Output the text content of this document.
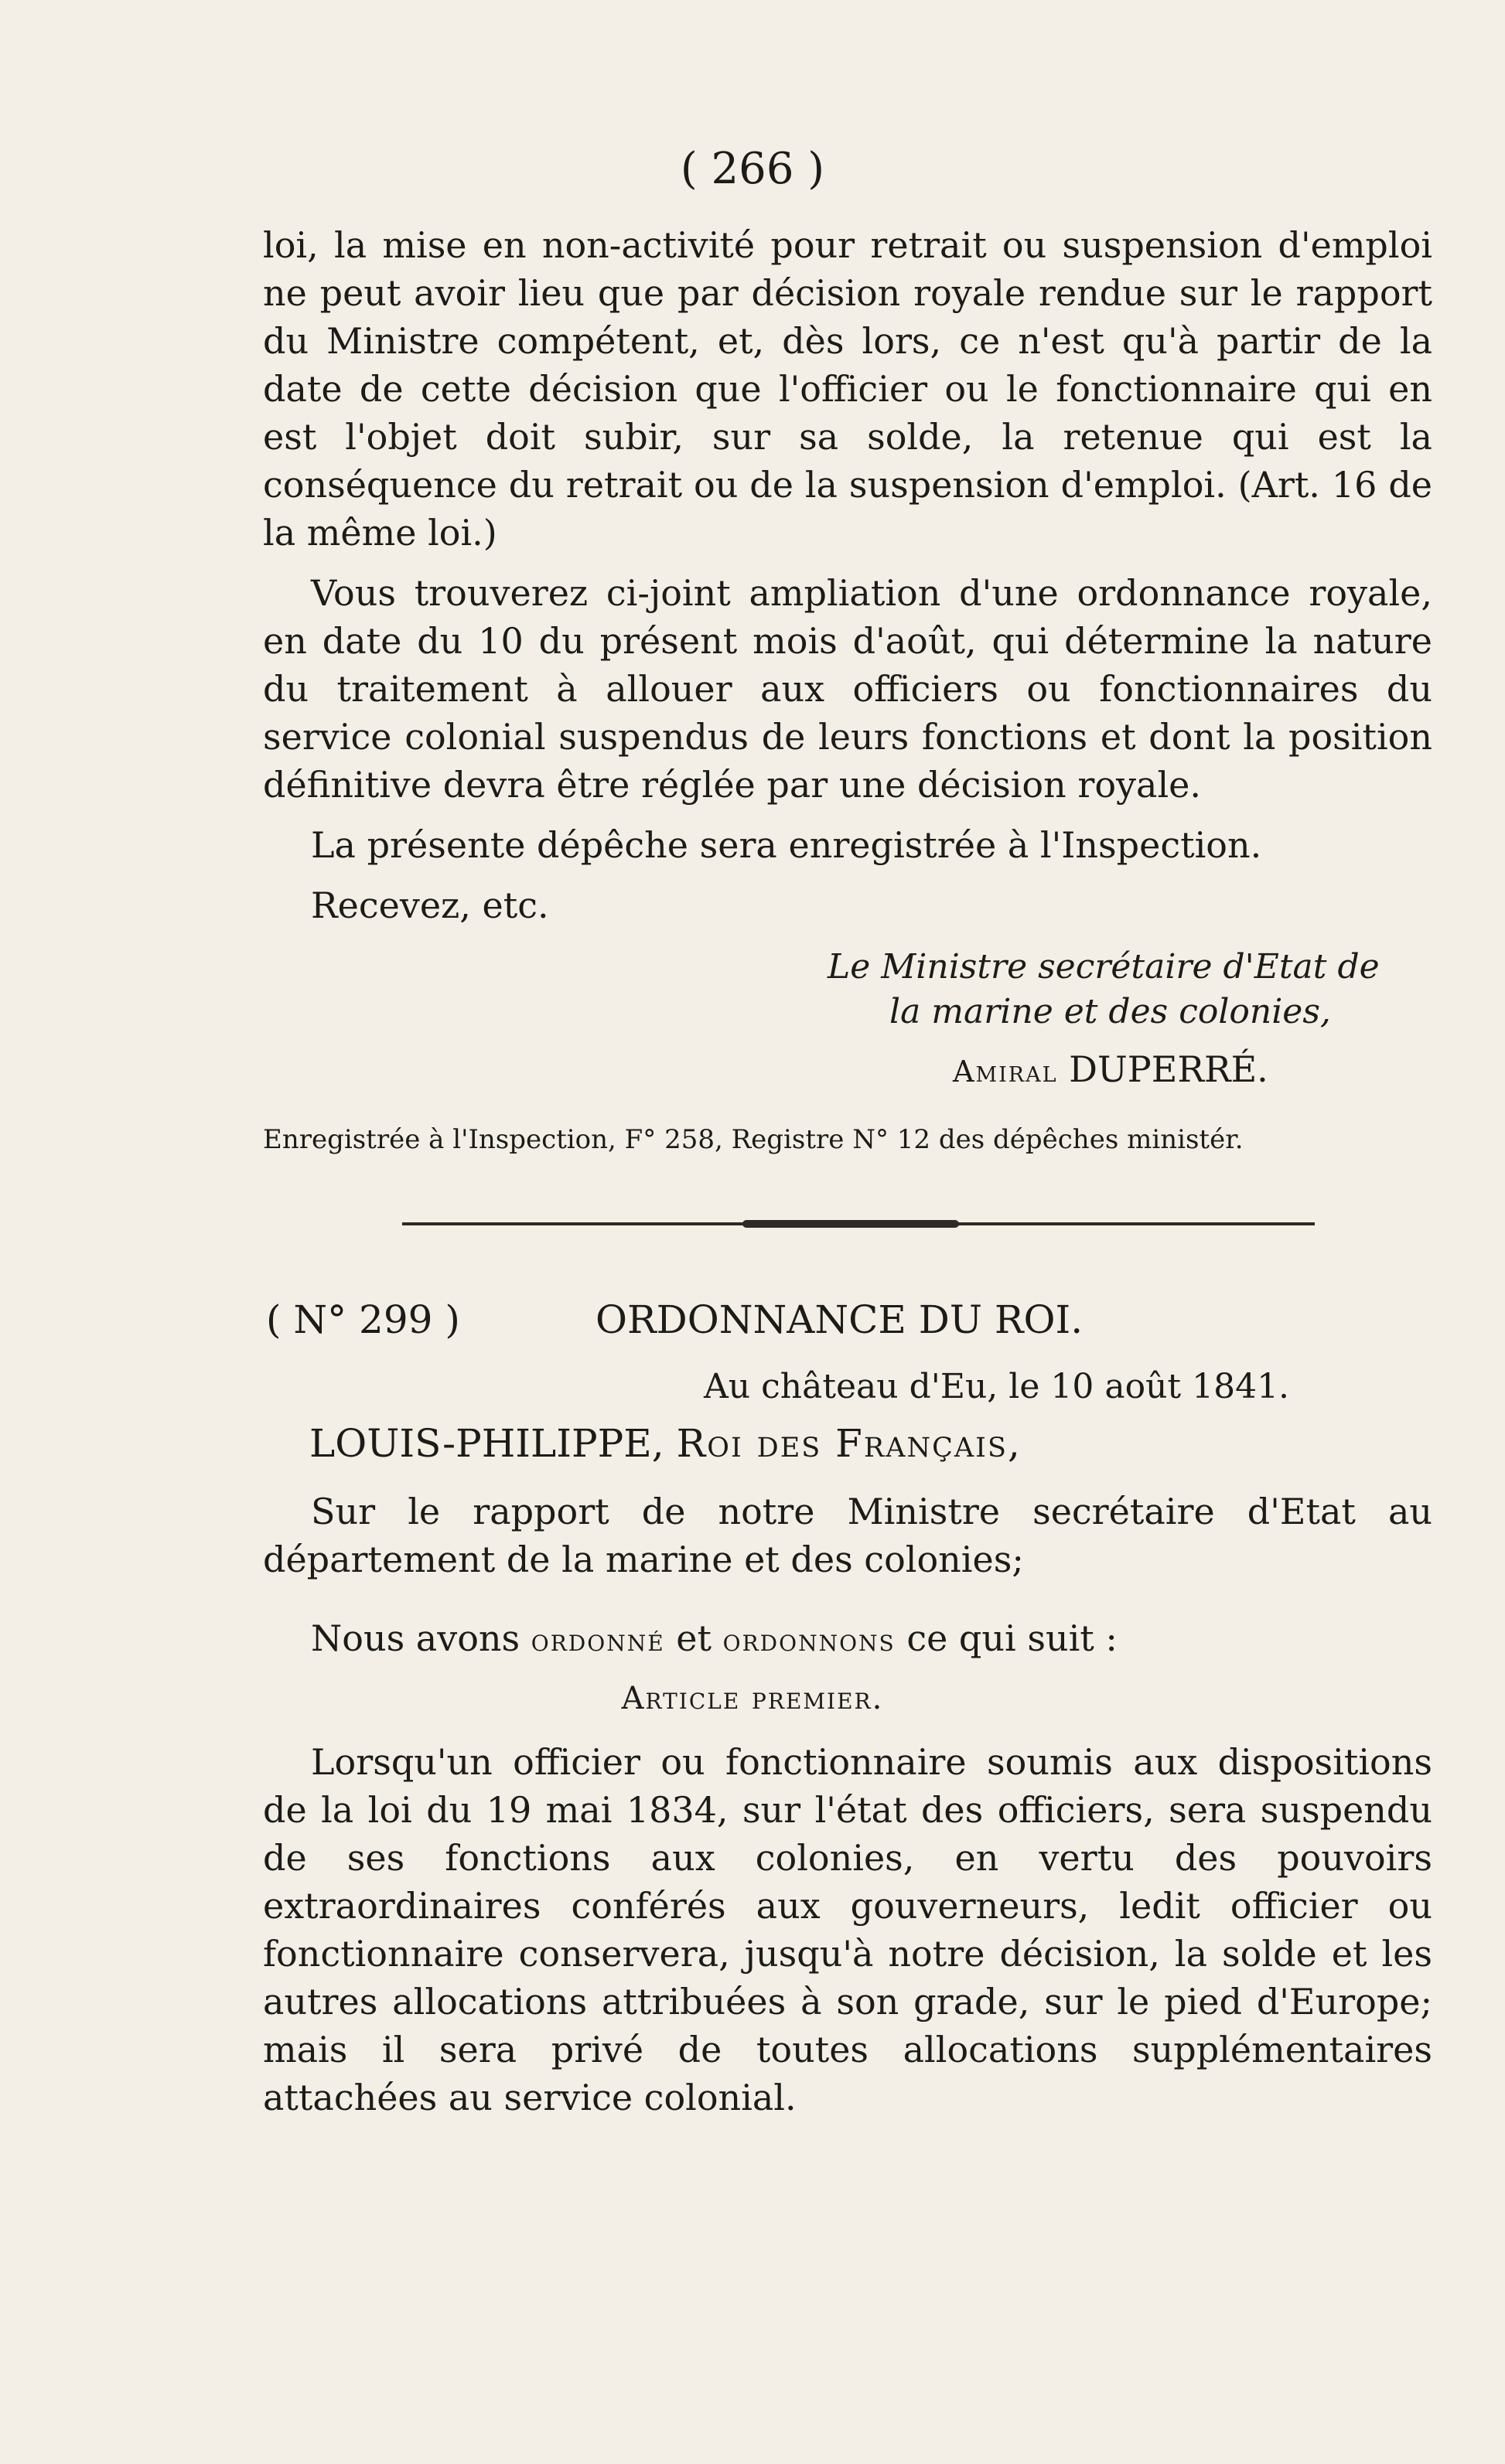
( 266 )

loi, la mise en non-activité pour retrait ou suspension d'emploi ne peut avoir lieu que par décision royale rendue sur le rapport du Ministre compétent, et, dès lors, ce n'est qu'à partir de la date de cette décision que l'officier ou le fonctionnaire qui en est l'objet doit subir, sur sa solde, la retenue qui est la conséquence du retrait ou de la suspension d'emploi. (Art. 16 de la même loi.)

Vous trouverez ci-joint ampliation d'une ordonnance royale, en date du 10 du présent mois d'août, qui détermine la nature du traitement à allouer aux officiers ou fonctionnaires du service colonial suspendus de leurs fonctions et dont la position définitive devra être réglée par une décision royale.

La présente dépêche sera enregistrée à l'Inspection.

Recevez, etc.

Le Ministre secrétaire d'Etat de
la marine et des colonies,
Amiral DUPERRÉ.
Enregistrée à l'Inspection, F° 258, Registre N° 12 des dépêches ministér.
( N° 299 )	ORDONNANCE DU ROI.
Au château d'Eu, le 10 août 1841.
LOUIS-PHILIPPE, Roi des Français,

Sur le rapport de notre Ministre secrétaire d'Etat au département de la marine et des colonies;

Nous avons ordonné et ordonnons ce qui suit :

Article premier.

Lorsqu'un officier ou fonctionnaire soumis aux dispositions de la loi du 19 mai 1834, sur l'état des officiers, sera suspendu de ses fonctions aux colonies, en vertu des pouvoirs extraordinaires conférés aux gouverneurs, ledit officier ou fonctionnaire conservera, jusqu'à notre décision, la solde et les autres allocations attribuées à son grade, sur le pied d'Europe; mais il sera privé de toutes allocations supplémentaires attachées au service colonial.
